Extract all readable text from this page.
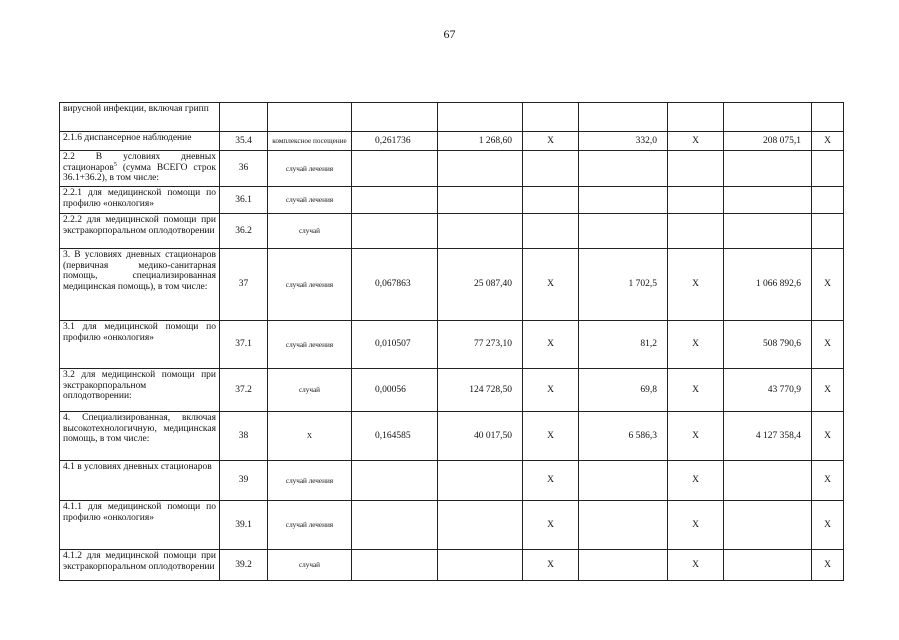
67
вирусной инфекции, включая грипп									
2.1.6 диспансерное наблюдение	35.4	комплексное посещение	0,261736	1 268,60	X	332,0	X	208 075,1	X
2.2 В условиях дневных стационаров$^5$ (сумма ВСЕГО строк 36.1+36.2), в том числе:	36	случай лечения							
2.2.1 для медицинской помощи по профилю «онкология»	36.1	случай лечения							
2.2.2 для медицинской помощи при экстракорпоральном оплодотворении	36.2	случай							
3. В условиях дневных стационаров (первичная медико-санитарная помощь, специализированная медицинская помощь), в том числе:	37	случай лечения	0,067863	25 087,40	X	1 702,5	X	1 066 892,6	X
3.1 для медицинской помощи по профилю «онкология»	37.1	случай лечения	0,010507	77 273,10	X	81,2	X	508 790,6	X
3.2 для медицинской помощи при экстракорпоральном оплодотворении:	37.2	случай	0,00056	124 728,50	X	69,8	X	43 770,9	X
4. Специализированная, включая высокотехнологичную, медицинская помощь, в том числе:	38	X	0,164585	40 017,50	X	6 586,3	X	4 127 358,4	X
4.1 в условиях дневных стационаров	39	случай лечения			X		X		X
4.1.1 для медицинской помощи по профилю «онкология»	39.1	случай лечения			X		X		X
4.1.2 для медицинской помощи при экстракорпоральном оплодотворении	39.2	случай			X		X		X
